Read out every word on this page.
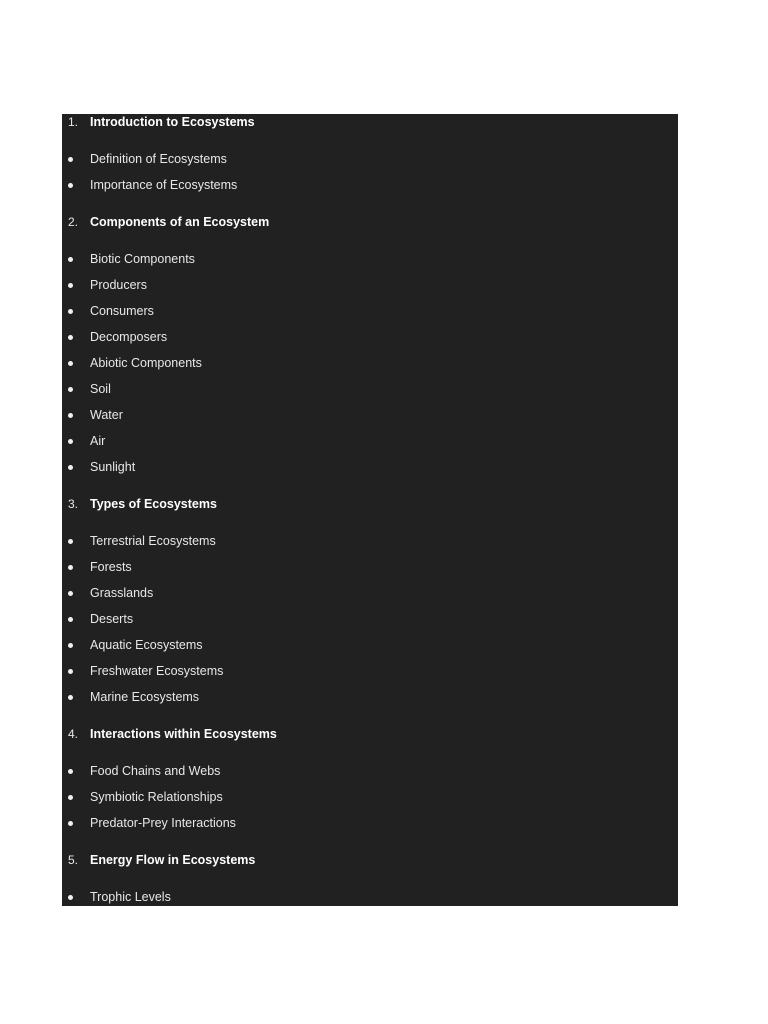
1. Introduction to Ecosystems
Definition of Ecosystems
Importance of Ecosystems
2. Components of an Ecosystem
Biotic Components
Producers
Consumers
Decomposers
Abiotic Components
Soil
Water
Air
Sunlight
3. Types of Ecosystems
Terrestrial Ecosystems
Forests
Grasslands
Deserts
Aquatic Ecosystems
Freshwater Ecosystems
Marine Ecosystems
4. Interactions within Ecosystems
Food Chains and Webs
Symbiotic Relationships
Predator-Prey Interactions
5. Energy Flow in Ecosystems
Trophic Levels
